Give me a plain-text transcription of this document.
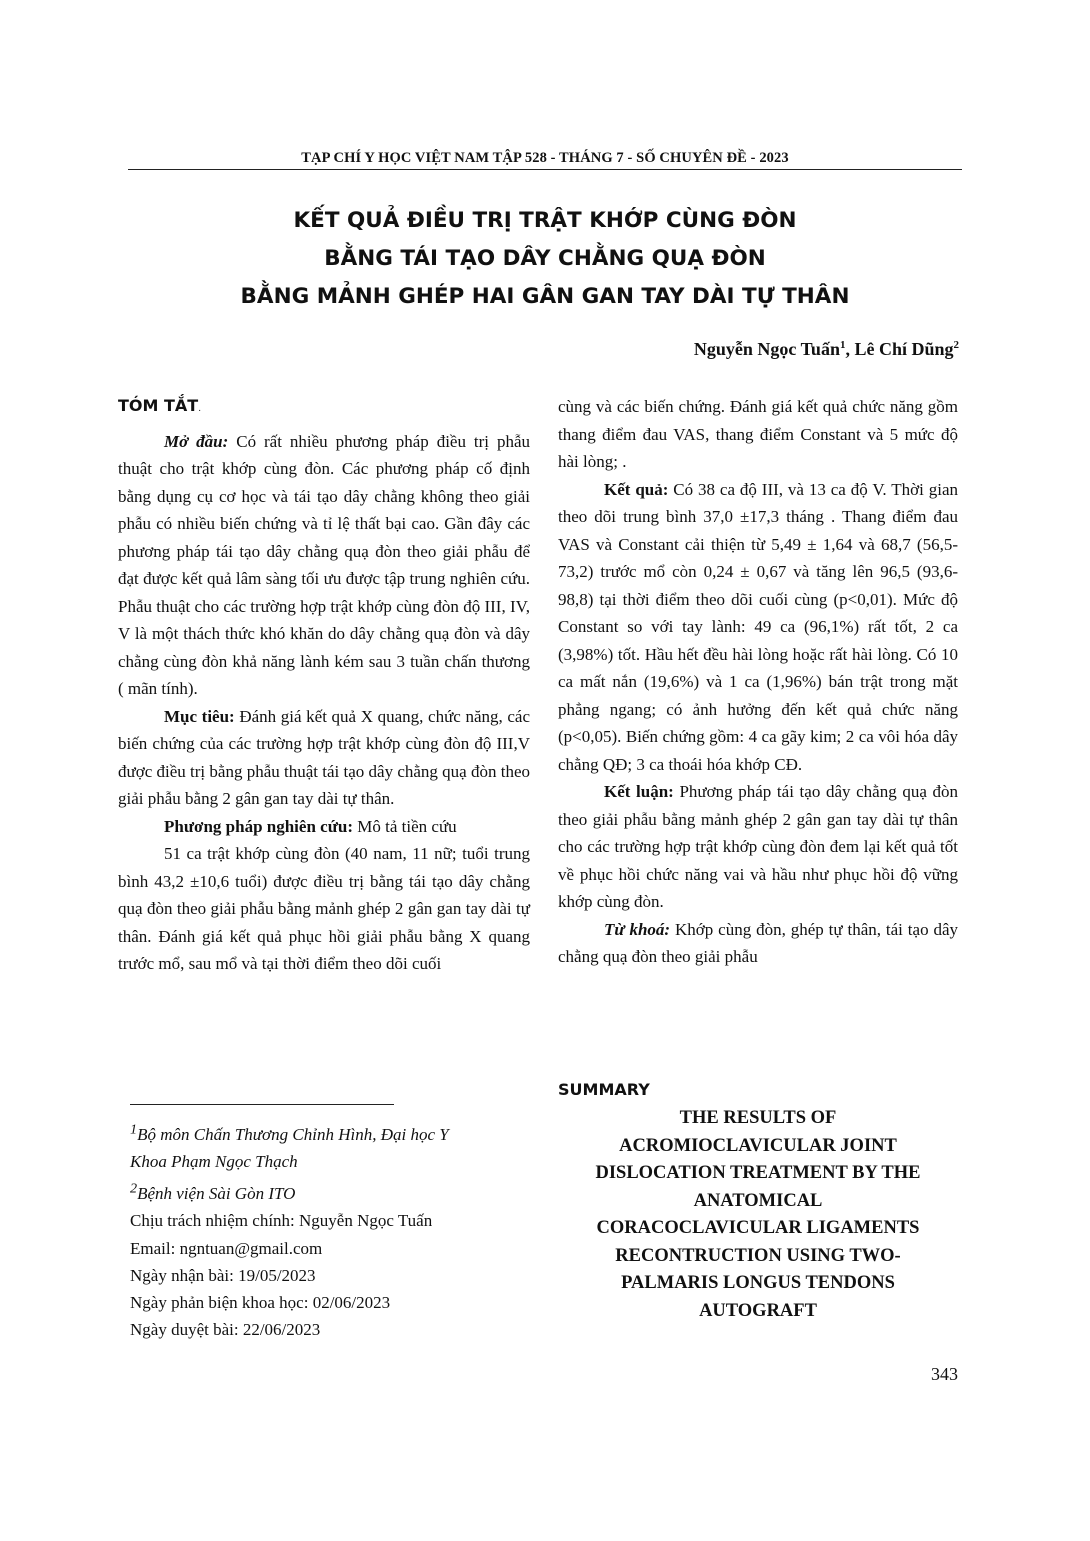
TẠP CHÍ Y HỌC VIỆT NAM TẬP 528 - THÁNG 7 - SỐ CHUYÊN ĐỀ - 2023
KẾT QUẢ ĐIỀU TRỊ TRẬT KHỚP CÙNG ĐÒN
BẰNG TÁI TẠO DÂY CHẰNG QUẠ ĐÒN
BẰNG MẢNH GHÉP HAI GÂN GAN TAY DÀI TỰ THÂN
Nguyễn Ngọc Tuấn$^1$, Lê Chí Dũng$^2$
TÓM TẮT.

Mở đầu: Có rất nhiều phương pháp điều trị phẫu thuật cho trật khớp cùng đòn. Các phương pháp cố định bằng dụng cụ cơ học và tái tạo dây chằng không theo giải phẫu có nhiều biến chứng và tỉ lệ thất bại cao. Gần đây các phương pháp tái tạo dây chằng quạ đòn theo giải phẫu để đạt được kết quả lâm sàng tối ưu được tập trung nghiên cứu. Phẫu thuật cho các trường hợp trật khớp cùng đòn độ III, IV, V là một thách thức khó khăn do dây chằng quạ đòn và dây chằng cùng đòn khả năng lành kém sau 3 tuần chấn thương ( mãn tính).

Mục tiêu: Đánh giá kết quả X quang, chức năng, các biến chứng của các trường hợp trật khớp cùng đòn độ III,V được điều trị bằng phẫu thuật tái tạo dây chằng quạ đòn theo giải phẫu bằng 2 gân gan tay dài tự thân.

Phương pháp nghiên cứu: Mô tả tiền cứu

51 ca trật khớp cùng đòn (40 nam, 11 nữ; tuổi trung bình 43,2 ±10,6 tuổi) được điều trị bằng tái tạo dây chằng quạ đòn theo giải phẫu bằng mảnh ghép 2 gân gan tay dài tự thân. Đánh giá kết quả phục hồi giải phẫu bằng X quang trước mổ, sau mổ và tại thời điểm theo dõi cuối

$^1$Bộ môn Chấn Thương Chỉnh Hình, Đại học Y
Khoa Phạm Ngọc Thạch
$^2$Bệnh viện Sài Gòn ITO
Chịu trách nhiệm chính: Nguyễn Ngọc Tuấn
Email: ngntuan@gmail.com
Ngày nhận bài: 19/05/2023
Ngày phản biện khoa học: 02/06/2023
Ngày duyệt bài: 22/06/2023

cùng và các biến chứng. Đánh giá kết quả chức năng gồm thang điểm đau VAS, thang điểm Constant và 5 mức độ hài lòng; .

Kết quả: Có 38 ca độ III, và 13 ca độ V. Thời gian theo dõi trung bình 37,0 ±17,3 tháng . Thang điểm đau VAS và Constant cải thiện từ 5,49 ± 1,64 và 68,7 (56,5-73,2) trước mổ còn 0,24 ± 0,67 và tăng lên 96,5 (93,6-98,8) tại thời điểm theo dõi cuối cùng (p<0,01). Mức độ Constant so với tay lành: 49 ca (96,1%) rất tốt, 2 ca (3,98%) tốt. Hầu hết đều hài lòng hoặc rất hài lòng. Có 10 ca mất nắn (19,6%) và 1 ca (1,96%) bán trật trong mặt phẳng ngang; có ảnh hưởng đến kết quả chức năng (p<0,05). Biến chứng gồm: 4 ca gãy kim; 2 ca vôi hóa dây chằng QĐ; 3 ca thoái hóa khớp CĐ.

Kết luận: Phương pháp tái tạo dây chằng quạ đòn theo giải phẫu bằng mảnh ghép 2 gân gan tay dài tự thân cho các trường hợp trật khớp cùng đòn đem lại kết quả tốt về phục hồi chức năng vai và hầu như phục hồi độ vững khớp cùng đòn.

Từ khoá: Khớp cùng đòn, ghép tự thân, tái tạo dây chằng quạ đòn theo giải phẫu

SUMMARY
THE RESULTS OF
ACROMIOCLAVICULAR JOINT
DISLOCATION TREATMENT BY THE
ANATOMICAL
CORACOCLAVICULAR LIGAMENTS
RECONTRUCTION USING TWO-
PALMARIS LONGUS TENDONS
AUTOGRAFT
343
